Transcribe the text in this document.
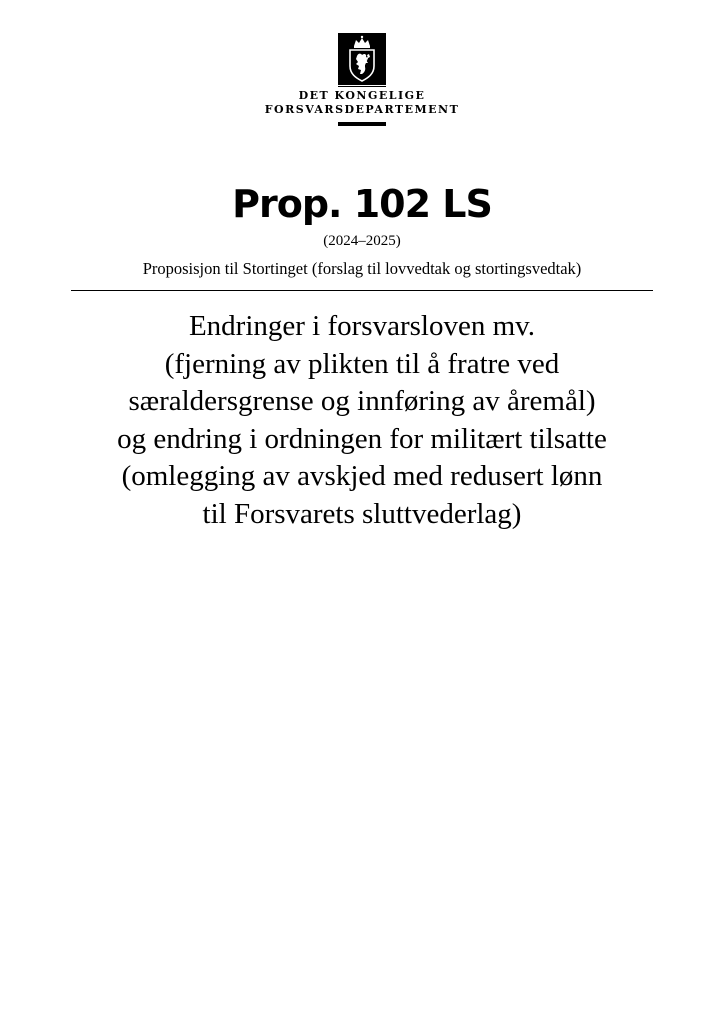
DET KONGELIGE
FORSVARSDEPARTEMENT
Prop. 102 LS
(2024–2025)
Proposisjon til Stortinget (forslag til lovvedtak og stortingsvedtak)
Endringer i forsvarsloven mv.
(fjerning av plikten til å fratre ved
særaldersgrense og innføring av åremål)
og endring i ordningen for militært tilsatte
(omlegging av avskjed med redusert lønn
til Forsvarets sluttvederlag)
